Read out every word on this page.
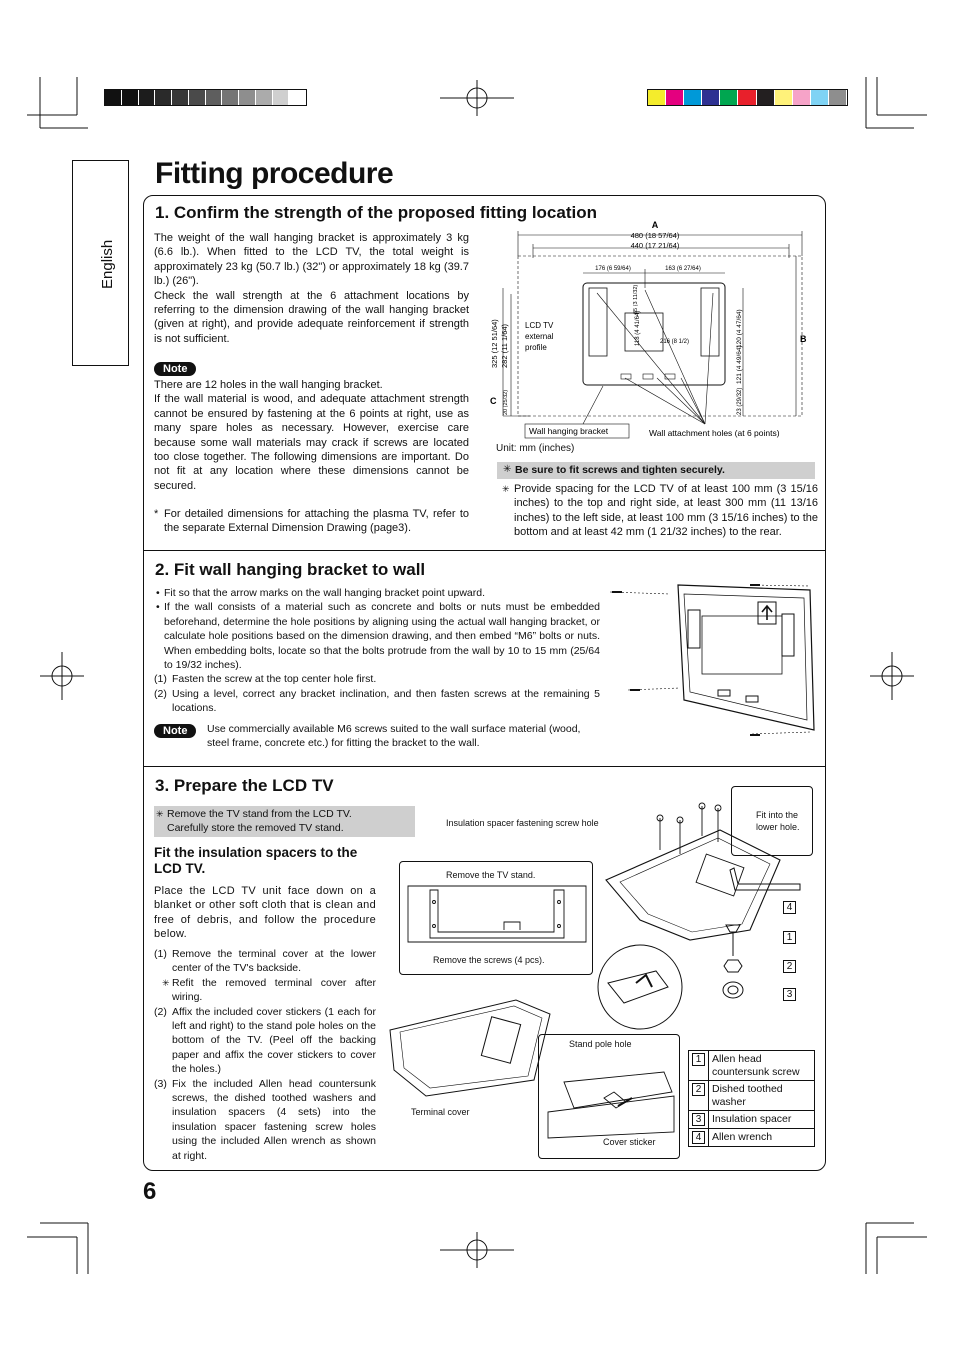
English
Fitting procedure
1. Confirm the strength of the proposed fitting location

The weight of the wall hanging bracket is approximately 3 kg (6.6 lb.). When fitted to the LCD TV, the total weight is approximately 23 kg (50.7 lb.) (32") or approximately 18 kg (39.7 lb.) (26").

Check the wall strength at the 6 attachment locations by referring to the dimension drawing of the wall hanging bracket (given at right), and provide adequate reinforcement if strength is not sufficient.

Note

There are 12 holes in the wall hanging bracket.

If the wall material is wood, and adequate attachment strength cannot be ensured by fastening at the 6 points at right, use as many spare holes as necessary. However, exercise care because some wall materials may crack if screws are located too close together. The following dimensions are important. Do not fit at any location where these dimensions cannot be secured.

* For detailed dimensions for attaching the plasma TV, refer to the separate External Dimension Drawing (page3).
A
480 (18 57/64)
440 (17 21/64)
176 (6 59/64)	163 (6 27/64)
LCD TV
external
profile
216 (8 1/2)
325 (12 51/64) 282 (11 1/64)
20 (25/32)
C
85 (3 11/32)
118 (4 41/64)	120 (4 47/64)
121 (4 49/64)
23 (29/32)
B
Wall hanging bracket	Wall attachment holes (at 6 points)
Unit: mm (inches)
✳ Be sure to fit screws and tighten securely.
✳ Provide spacing for the LCD TV of at least 100 mm (3 15/16 inches) to the top and right side, at least 300 mm (11 13/16 inches) to the left side, at least 100 mm (3 15/16 inches) to the bottom and at least 42 mm (1 21/32 inches) to the rear.
2. Fit wall hanging bracket to wall
• Fit so that the arrow marks on the wall hanging bracket point upward.
• If the wall consists of a material such as concrete and bolts or nuts must be embedded beforehand, determine the hole positions by aligning using the actual wall hanging bracket, or calculate hole positions based on the dimension drawing, and then embed “M6” bolts or nuts. When embedding bolts, locate so that the bolts protrude from the wall by 10 to 15 mm (25/64 to 19/32 inches).
(1) Fasten the screw at the top center hole first.
(2) Using a level, correct any bracket inclination, and then fasten screws at the remaining 5 locations.
Note	Use commercially available M6 screws suited to the wall surface material (wood, steel frame, concrete etc.) for fitting the bracket to the wall.
3. Prepare the LCD TV
✳ Remove the TV stand from the LCD TV.
Carefully store the removed TV stand.
Fit the insulation spacers to the LCD TV.
Place the LCD TV unit face down on a blanket or other soft cloth that is clean and free of debris, and follow the procedure below.
(1) Remove the terminal cover at the lower center of the TV's backside.
✳ Refit the removed terminal cover after wiring.
(2) Affix the included cover stickers (1 each for left and right) to the stand pole holes on the bottom of the TV. (Peel off the backing paper and affix the cover stickers to cover the holes.)
(3) Fix the included Allen head countersunk screws, the dished toothed washers and insulation spacers (4 sets) into the insulation spacer fastening screw holes using the included Allen wrench as shown at right.
Remove the TV stand.
Remove the screws (4 pcs).
Insulation spacer fastening screw hole
Fit into the
lower hole.
4
1
2
3
Terminal cover
Stand pole hole
Cover sticker
1	Allen head countersunk screw
2	Dished toothed washer
3	Insulation spacer
4	Allen wrench
6
